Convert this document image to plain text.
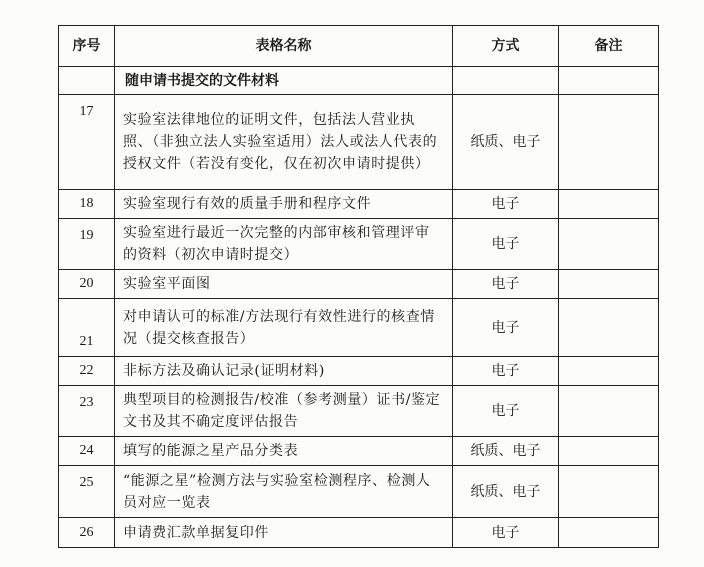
序号	表格名称	方式	备注
	随申请书提交的文件材料		
17	实验室法律地位的证明文件，包括法人营业执照、（非独立法人实验室适用）法人或法人代表的授权文件（若没有变化，仅在初次申请时提供）	纸质、电子	
18	实验室现行有效的质量手册和程序文件	电子	
19	实验室进行最近一次完整的内部审核和管理评审的资料（初次申请时提交）	电子	
20	实验室平面图	电子	
21	对申请认可的标准/方法现行有效性进行的核查情况（提交核查报告）	电子	
22	非标方法及确认记录(证明材料)	电子	
23	典型项目的检测报告/校准（参考测量）证书/鉴定文书及其不确定度评估报告	电子	
24	填写的能源之星产品分类表	纸质、电子	
25	“能源之星”检测方法与实验室检测程序、检测人员对应一览表	纸质、电子	
26	申请费汇款单据复印件	电子	
